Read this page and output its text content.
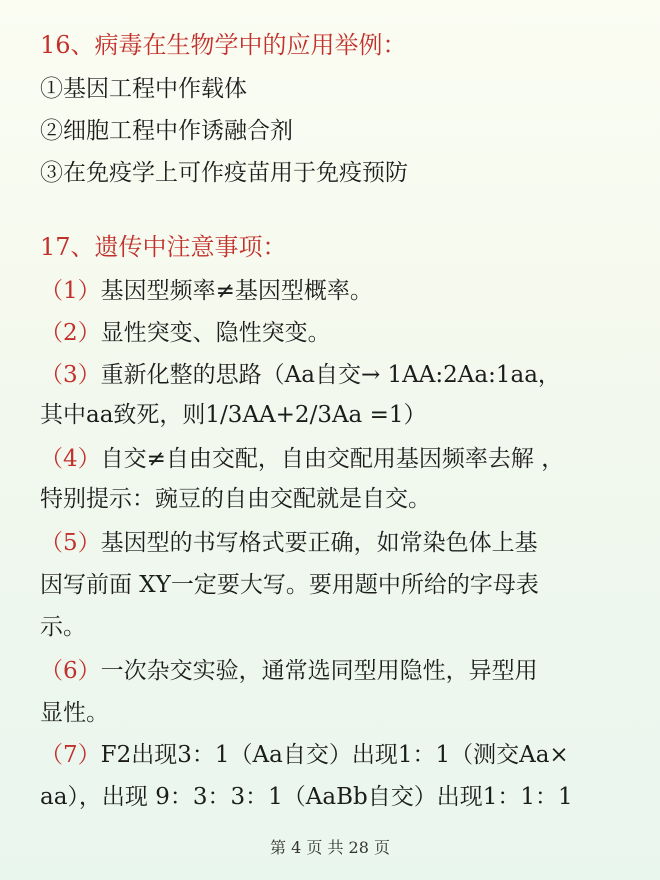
16、病毒在生物学中的应用举例：
①基因工程中作载体
②细胞工程中作诱融合剂
③在免疫学上可作疫苗用于免疫预防
17、遗传中注意事项：
（1）基因型频率≠基因型概率。
（2）显性突变、隐性突变。
（3）重新化整的思路（Aa自交→ 1AA:2Aa:1aa，
其中aa致死，则1/3AA+2/3Aa =1）
（4）自交≠自由交配，自由交配用基因频率去解 ，
特别提示：豌豆的自由交配就是自交。
（5）基因型的书写格式要正确，如常染色体上基
因写前面 XY一定要大写。要用题中所给的字母表
示。
（6）一次杂交实验，通常选同型用隐性，异型用
显性。
（7）F2出现3：1（Aa自交）出现1：1（测交Aa×
aa），出现 9：3：3：1（AaBb自交）出现1：1：1
第 4 页 共 28 页
